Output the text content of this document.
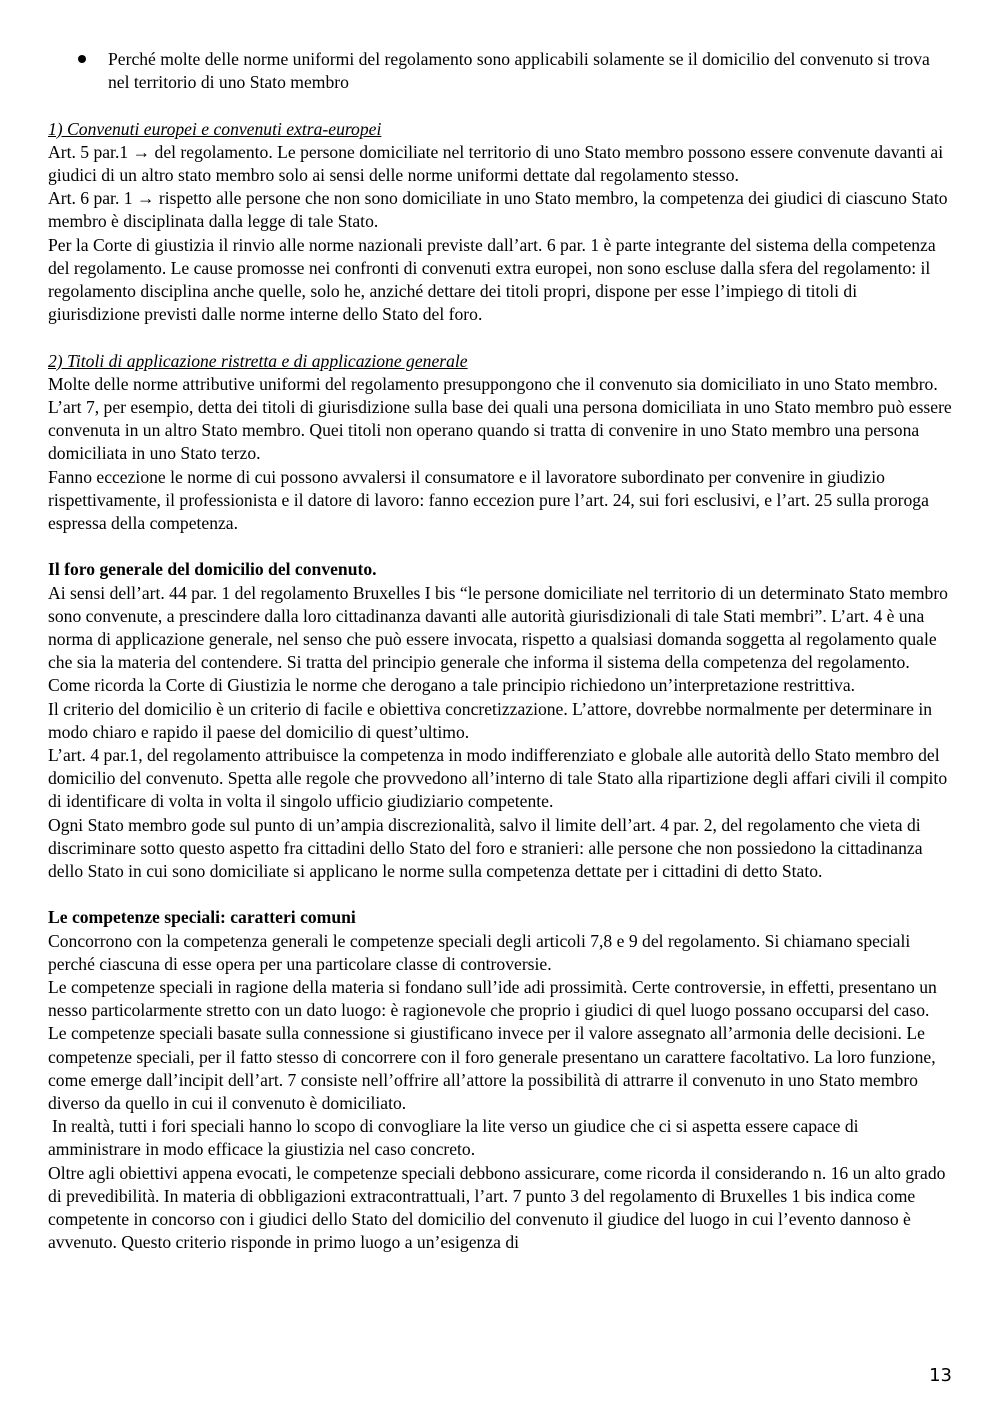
Perché molte delle norme uniformi del regolamento sono applicabili solamente se il domicilio del convenuto si trova nel territorio di uno Stato membro

1) Convenuti europei e convenuti extra-europei

Art. 5 par.1 → del regolamento. Le persone domiciliate nel territorio di uno Stato membro possono essere convenute davanti ai giudici di un altro stato membro solo ai sensi delle norme uniformi dettate dal regolamento stesso.

Art. 6 par. 1 → rispetto alle persone che non sono domiciliate in uno Stato membro, la competenza dei giudici di ciascuno Stato membro è disciplinata dalla legge di tale Stato.

Per la Corte di giustizia il rinvio alle norme nazionali previste dall’art. 6 par. 1 è parte integrante del sistema della competenza del regolamento. Le cause promosse nei confronti di convenuti extra europei, non sono escluse dalla sfera del regolamento: il regolamento disciplina anche quelle, solo he, anziché dettare dei titoli propri, dispone per esse l’impiego di titoli di giurisdizione previsti dalle norme interne dello Stato del foro.

2) Titoli di applicazione ristretta e di applicazione generale

Molte delle norme attributive uniformi del regolamento presuppongono che il convenuto sia domiciliato in uno Stato membro. L’art 7, per esempio, detta dei titoli di giurisdizione sulla base dei quali una persona domiciliata in uno Stato membro può essere convenuta in un altro Stato membro. Quei titoli non operano quando si tratta di convenire in uno Stato membro una persona domiciliata in uno Stato terzo.

Fanno eccezione le norme di cui possono avvalersi il consumatore e il lavoratore subordinato per convenire in giudizio rispettivamente, il professionista e il datore di lavoro: fanno eccezion pure l’art. 24, sui fori esclusivi, e l’art. 25 sulla proroga espressa della competenza.

Il foro generale del domicilio del convenuto.

Ai sensi dell’art. 44 par. 1 del regolamento Bruxelles I bis “le persone domiciliate nel territorio di un determinato Stato membro sono convenute, a prescindere dalla loro cittadinanza davanti alle autorità giurisdizionali di tale Stati membri”. L’art. 4 è una norma di applicazione generale, nel senso che può essere invocata, rispetto a qualsiasi domanda soggetta al regolamento quale che sia la materia del contendere. Si tratta del principio generale che informa il sistema della competenza del regolamento. Come ricorda la Corte di Giustizia le norme che derogano a tale principio richiedono un’interpretazione restrittiva.

Il criterio del domicilio è un criterio di facile e obiettiva concretizzazione. L’attore, dovrebbe normalmente per determinare in modo chiaro e rapido il paese del domicilio di quest’ultimo.

L’art. 4 par.1, del regolamento attribuisce la competenza in modo indifferenziato e globale alle autorità dello Stato membro del domicilio del convenuto. Spetta alle regole che provvedono all’interno di tale Stato alla ripartizione degli affari civili il compito di identificare di volta in volta il singolo ufficio giudiziario competente.

Ogni Stato membro gode sul punto di un’ampia discrezionalità, salvo il limite dell’art. 4 par. 2, del regolamento che vieta di discriminare sotto questo aspetto fra cittadini dello Stato del foro e stranieri: alle persone che non possiedono la cittadinanza dello Stato in cui sono domiciliate si applicano le norme sulla competenza dettate per i cittadini di detto Stato.

Le competenze speciali: caratteri comuni

Concorrono con la competenza generali le competenze speciali degli articoli 7,8 e 9 del regolamento. Si chiamano speciali perché ciascuna di esse opera per una particolare classe di controversie.

Le competenze speciali in ragione della materia si fondano sull’ide adi prossimità. Certe controversie, in effetti, presentano un nesso particolarmente stretto con un dato luogo: è ragionevole che proprio i giudici di quel luogo possano occuparsi del caso.

Le competenze speciali basate sulla connessione si giustificano invece per il valore assegnato all’armonia delle decisioni. Le competenze speciali, per il fatto stesso di concorrere con il foro generale presentano un carattere facoltativo. La loro funzione, come emerge dall’incipit dell’art. 7 consiste nell’offrire all’attore la possibilità di attrarre il convenuto in uno Stato membro diverso da quello in cui il convenuto è domiciliato.

In realtà, tutti i fori speciali hanno lo scopo di convogliare la lite verso un giudice che ci si aspetta essere capace di amministrare in modo efficace la giustizia nel caso concreto.

Oltre agli obiettivi appena evocati, le competenze speciali debbono assicurare, come ricorda il considerando n. 16 un alto grado di prevedibilità. In materia di obbligazioni extracontrattuali, l’art. 7 punto 3 del regolamento di Bruxelles 1 bis indica come competente in concorso con i giudici dello Stato del domicilio del convenuto il giudice del luogo in cui l’evento dannoso è avvenuto. Questo criterio risponde in primo luogo a un’esigenza di

13
